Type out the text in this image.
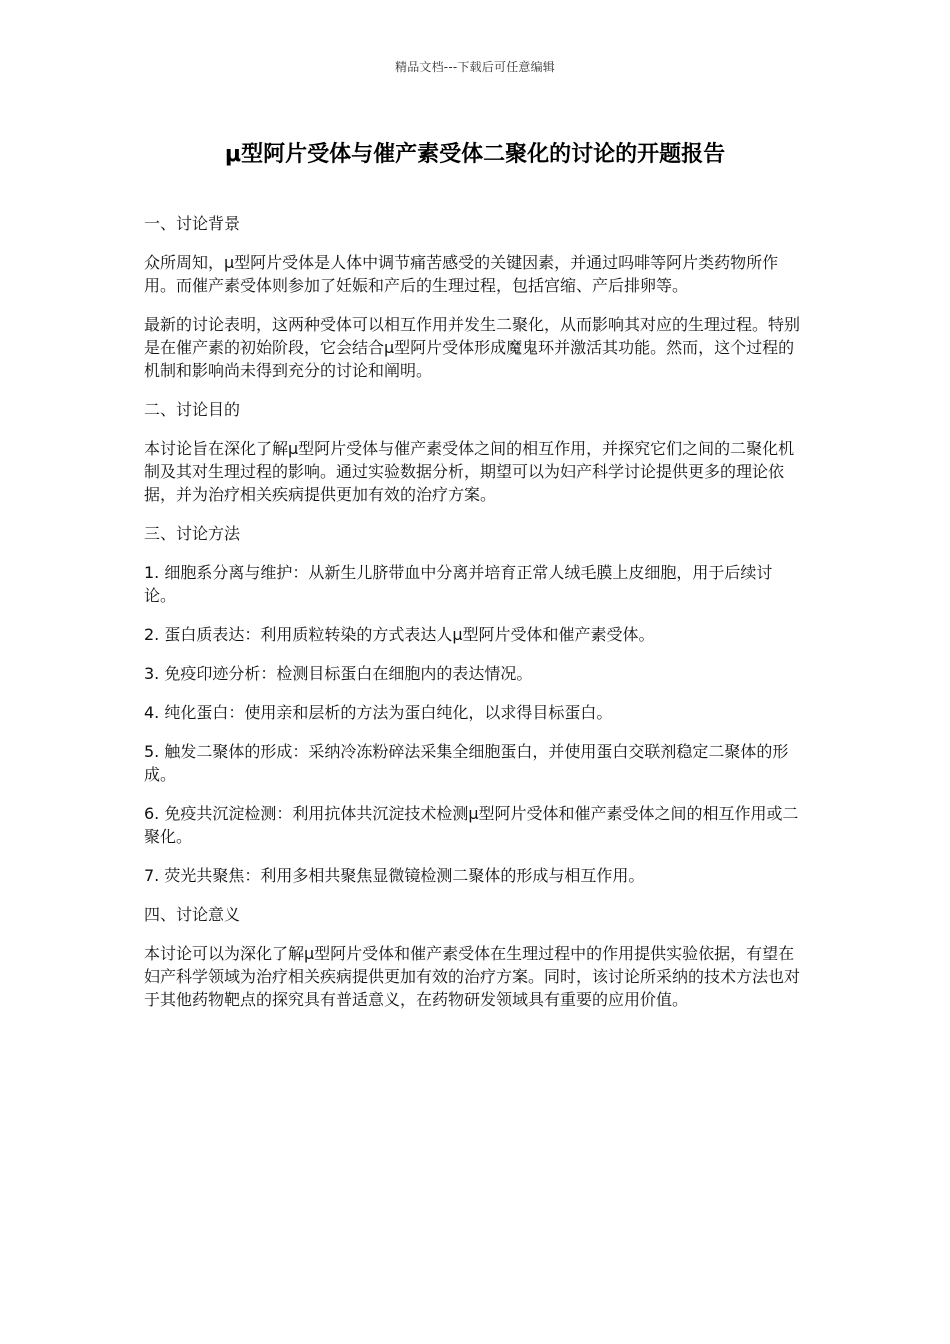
精品文档---下载后可任意编辑
μ型阿片受体与催产素受体二聚化的讨论的开题报告

一、讨论背景

众所周知，μ型阿片受体是人体中调节痛苦感受的关键因素，并通过吗啡等阿片类药物所作用。而催产素受体则参加了妊娠和产后的生理过程，包括宫缩、产后排卵等。

最新的讨论表明，这两种受体可以相互作用并发生二聚化，从而影响其对应的生理过程。特别是在催产素的初始阶段，它会结合μ型阿片受体形成魔鬼环并激活其功能。然而，这个过程的机制和影响尚未得到充分的讨论和阐明。

二、讨论目的

本讨论旨在深化了解μ型阿片受体与催产素受体之间的相互作用，并探究它们之间的二聚化机制及其对生理过程的影响。通过实验数据分析，期望可以为妇产科学讨论提供更多的理论依据，并为治疗相关疾病提供更加有效的治疗方案。

三、讨论方法

1. 细胞系分离与维护：从新生儿脐带血中分离并培育正常人绒毛膜上皮细胞，用于后续讨论。

2. 蛋白质表达：利用质粒转染的方式表达人μ型阿片受体和催产素受体。

3. 免疫印迹分析：检测目标蛋白在细胞内的表达情况。

4. 纯化蛋白：使用亲和层析的方法为蛋白纯化，以求得目标蛋白。

5. 触发二聚体的形成：采纳冷冻粉碎法采集全细胞蛋白，并使用蛋白交联剂稳定二聚体的形成。

6. 免疫共沉淀检测：利用抗体共沉淀技术检测μ型阿片受体和催产素受体之间的相互作用或二聚化。

7. 荧光共聚焦：利用多相共聚焦显微镜检测二聚体的形成与相互作用。

四、讨论意义

本讨论可以为深化了解μ型阿片受体和催产素受体在生理过程中的作用提供实验依据，有望在妇产科学领域为治疗相关疾病提供更加有效的治疗方案。同时，该讨论所采纳的技术方法也对于其他药物靶点的探究具有普适意义，在药物研发领域具有重要的应用价值。
